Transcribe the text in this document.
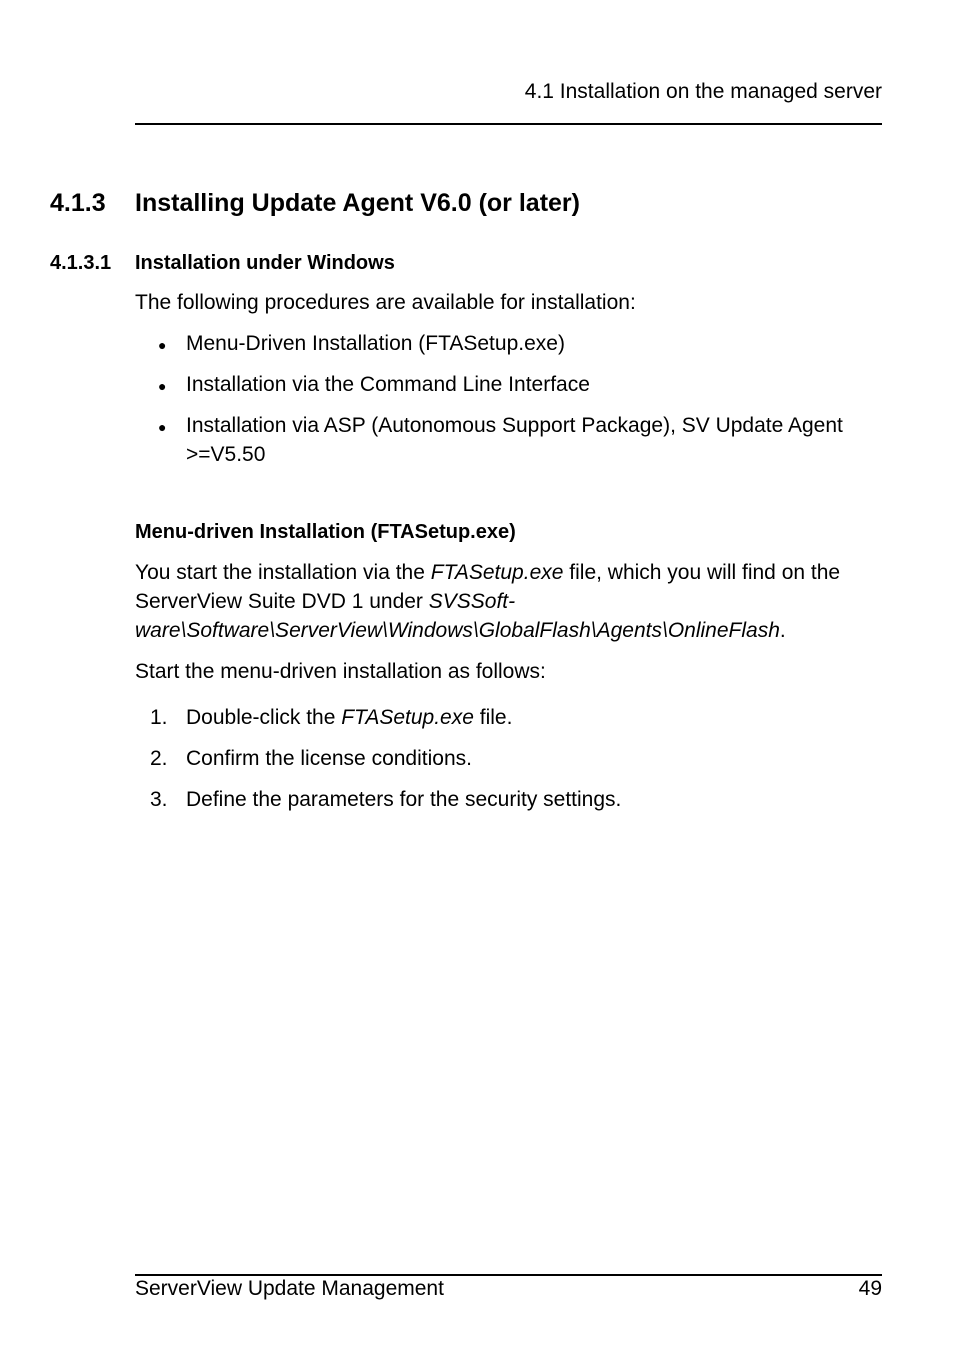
4.1 Installation on the managed server
4.1.3 Installing Update Agent V6.0 (or later)
4.1.3.1 Installation under Windows
The following procedures are available for installation:
● Menu-Driven Installation (FTASetup.exe)
● Installation via the Command Line Interface
● Installation via ASP (Autonomous Support Package), SV Update Agent >=V5.50
Menu-driven Installation (FTASetup.exe)
You start the installation via the FTASetup.exe file, which you will find on the ServerView Suite DVD 1 under SVSSoft-ware\Software\ServerView\Windows\GlobalFlash\Agents\OnlineFlash.
Start the menu-driven installation as follows:
1. Double-click the FTASetup.exe file.
2. Confirm the license conditions.
3. Define the parameters for the security settings.
ServerView Update Management	49
